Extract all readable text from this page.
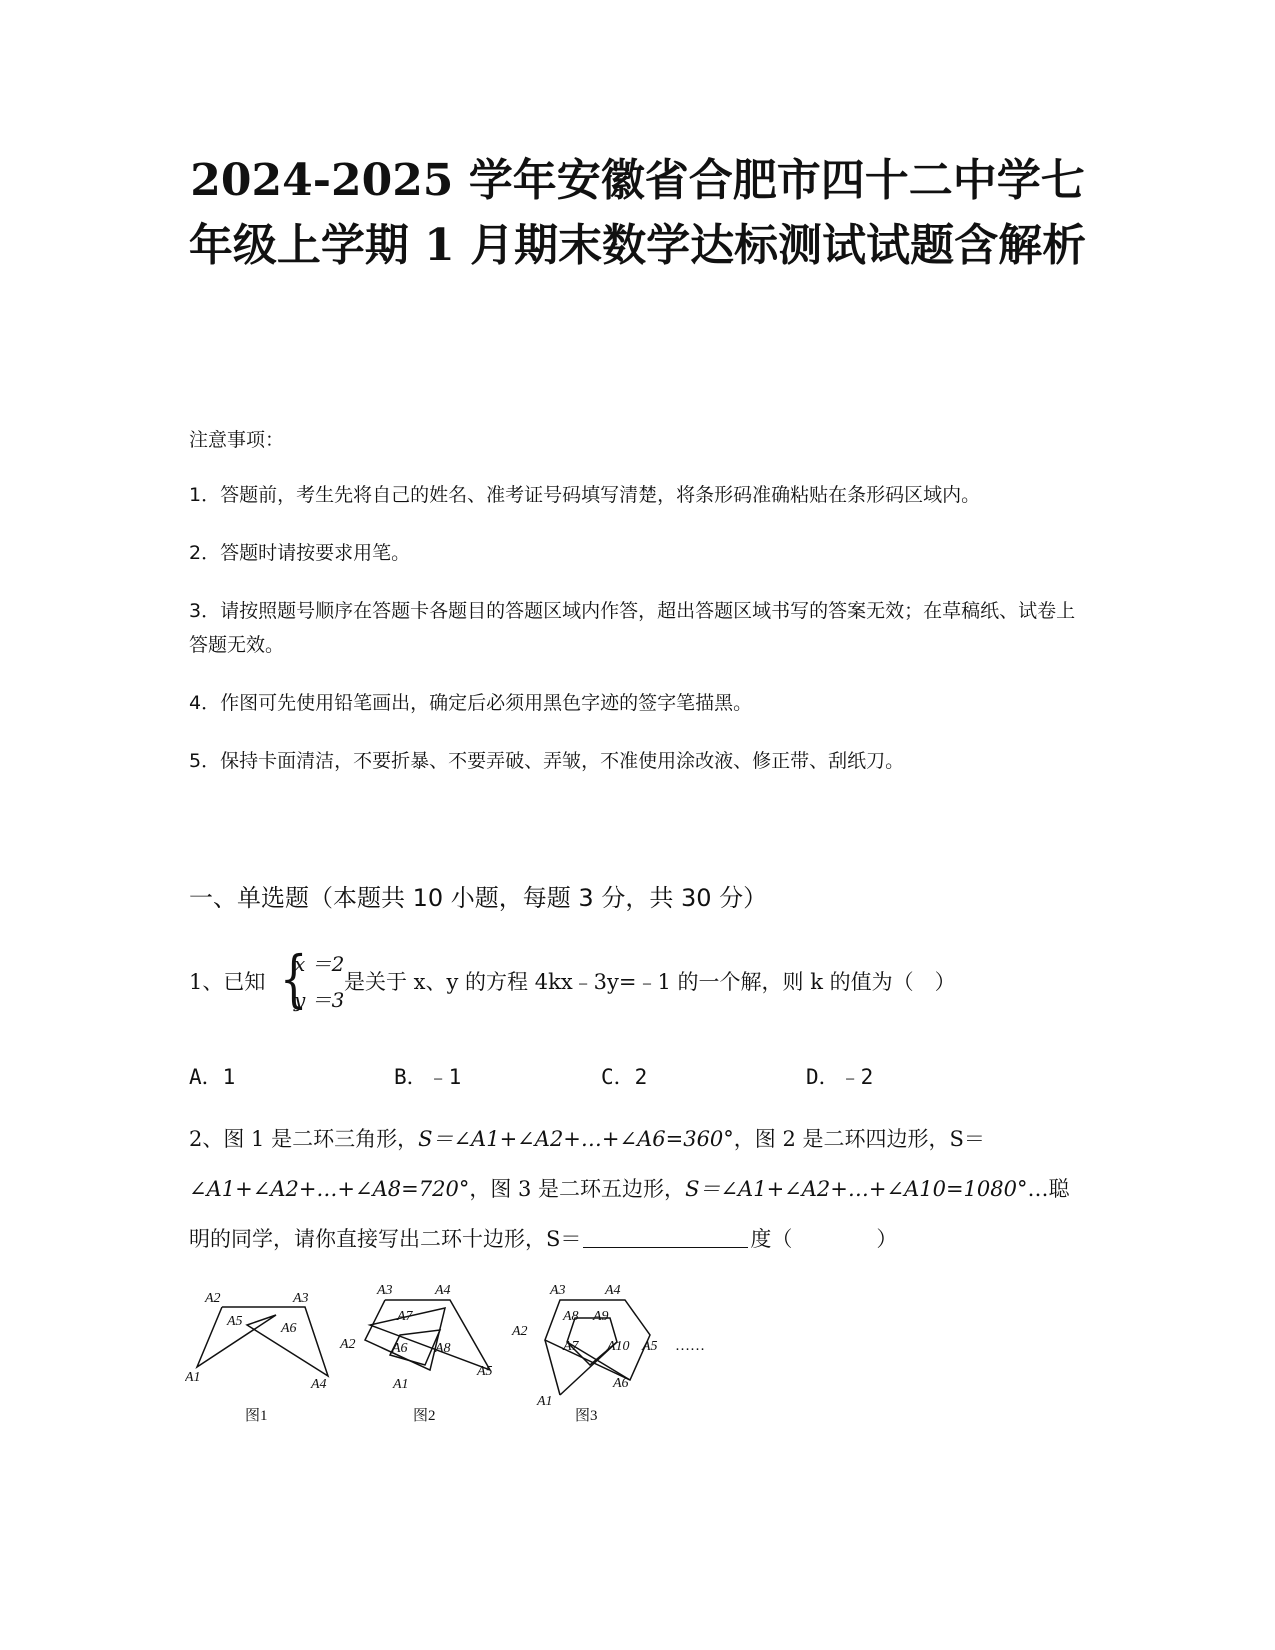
2024-2025 学年安徽省合肥市四十二中学七年级上学期 1 月期末数学达标测试试题含解析
注意事项：
1．答题前，考生先将自己的姓名、准考证号码填写清楚，将条形码准确粘贴在条形码区域内。
2．答题时请按要求用笔。
3．请按照题号顺序在答题卡各题目的答题区域内作答，超出答题区域书写的答案无效；在草稿纸、试卷上答题无效。
4．作图可先使用铅笔画出，确定后必须用黑色字迹的签字笔描黑。
5．保持卡面清洁，不要折暴、不要弄破、弄皱，不准使用涂改液、修正带、刮纸刀。
一、单选题（本题共 10 小题，每题 3 分，共 30 分）
1、已知 {
x ＝2
y ＝3
是关于 x、y 的方程 4kx﹣3y=﹣1 的一个解，则 k 的值为（　）
A．1	B．﹣1	C．2	D．﹣2
2、图 1 是二环三角形，S＝∠A1+∠A2+…+∠A6=360°，图 2 是二环四边形，S＝
∠A1+∠A2+…+∠A8=720°，图 3 是二环五边形，S＝∠A1+∠A2+…+∠A10=1080°…聪
明的同学，请你直接写出二环十边形，S＝	度（　　　　）
A2	A3
A5	A6
A1	A4
A3	A4
A7
A6 A8
A2
A5
A1
A3	A4
A8 A9
A2
A7 A10 A5
A1
A6
……
图1	图2	图3
